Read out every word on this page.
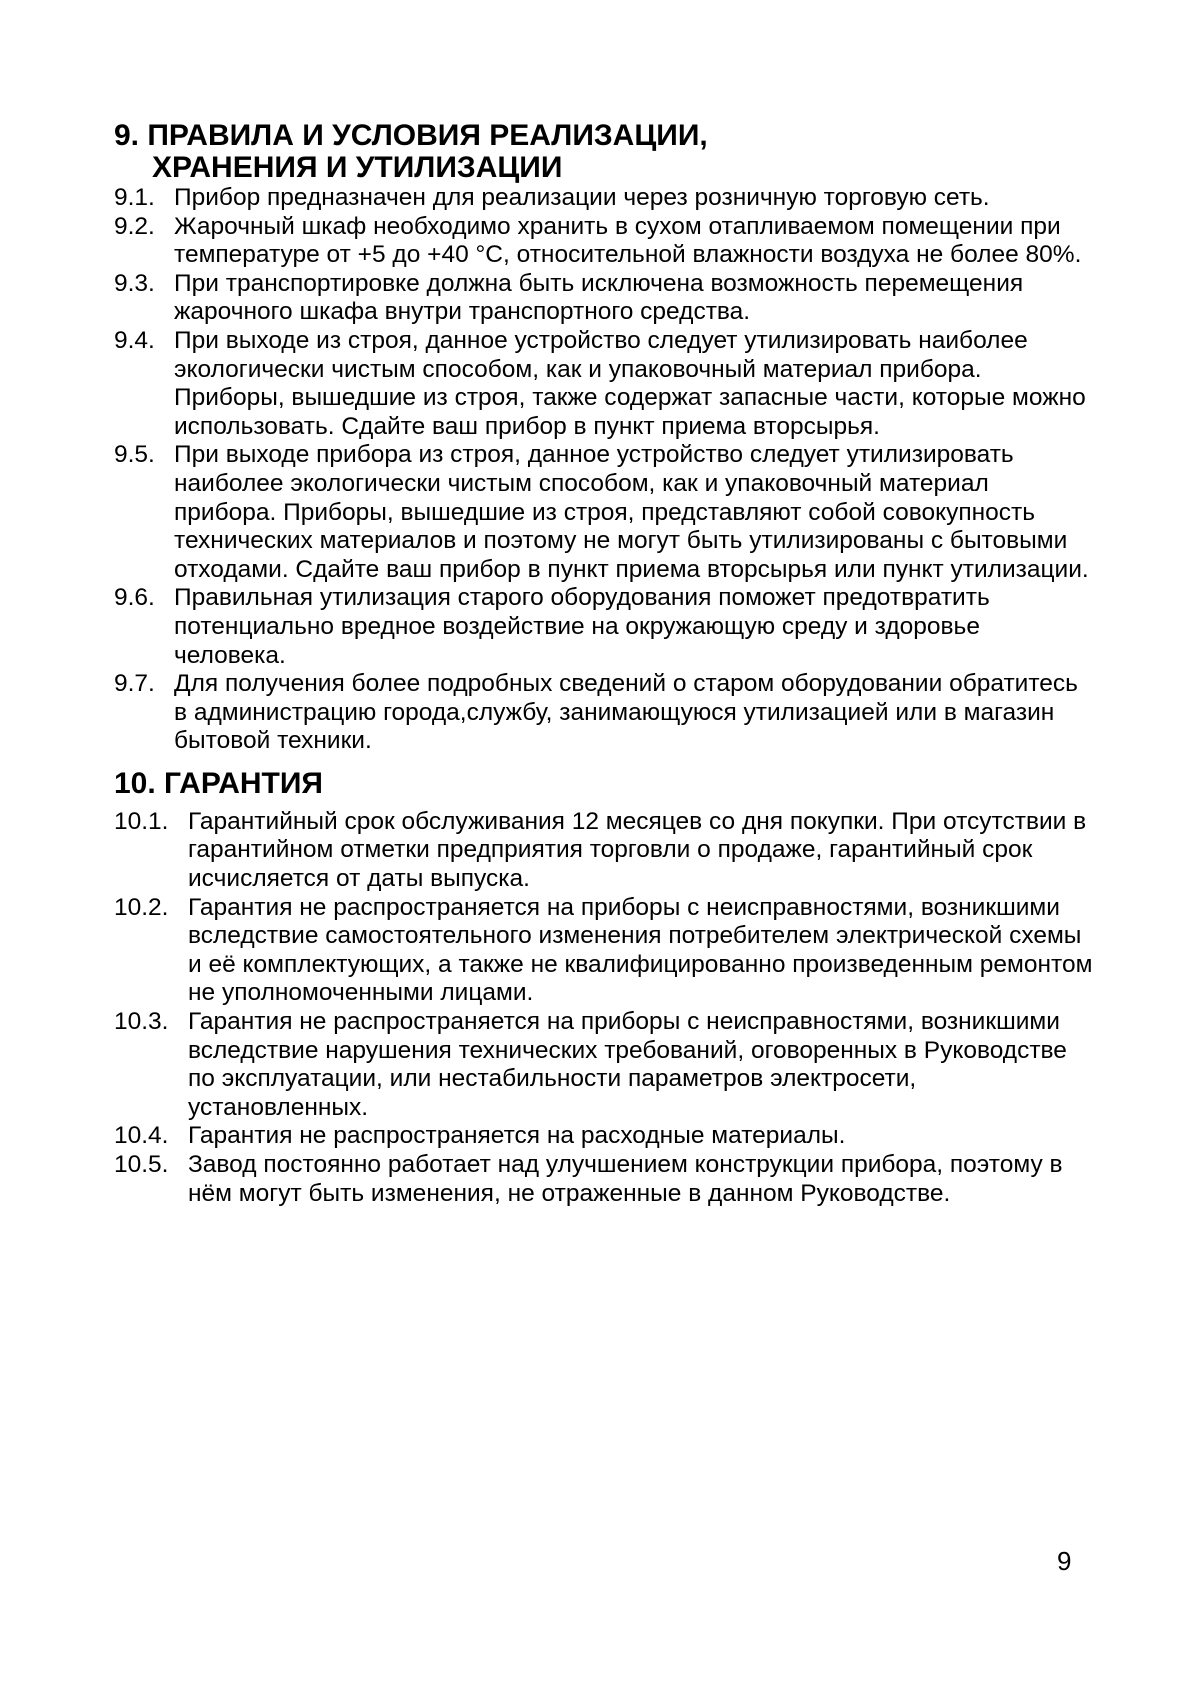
9. ПРАВИЛА И УСЛОВИЯ РЕАЛИЗАЦИИ,
ХРАНЕНИЯ И УТИЛИЗАЦИИ
9.1. Прибор предназначен для реализации через розничную торговую сеть.
9.2. Жарочный шкаф необходимо хранить в сухом отапливаемом помещении при температуре от +5 до +40 °С, относительной влажности воздуха не более 80%.
9.3. При транспортировке должна быть исключена возможность перемещения жарочного шкафа внутри транспортного средства.
9.4. При выходе из строя, данное устройство следует утилизировать наиболее экологически чистым способом, как и упаковочный материал прибора. Приборы, вышедшие из строя, также содержат запасные части, которые можно использовать. Сдайте ваш прибор в пункт приема вторсырья.
9.5. При выходе прибора из строя, данное устройство следует утилизировать наиболее экологически чистым способом, как и упаковочный материал прибора. Приборы, вышедшие из строя, представляют собой совокупность технических материалов и поэтому не могут быть утилизированы с бытовыми отходами. Сдайте ваш прибор в пункт приема вторсырья или пункт утилизации.
9.6. Правильная утилизация старого оборудования поможет предотвратить потенциально вредное воздействие на окружающую среду и здоровье человека.
9.7. Для получения более подробных сведений о старом оборудовании обратитесь в администрацию города,службу, занимающуюся утилизацией или в магазин бытовой техники.
10. ГАРАНТИЯ
10.1. Гарантийный срок обслуживания 12 месяцев со дня покупки. При отсутствии в гарантийном отметки предприятия торговли о продаже, гарантийный срок исчисляется от даты выпуска.
10.2. Гарантия не распространяется на приборы с неисправностями, возникшими вследствие самостоятельного изменения потребителем электрической схемы и её комплектующих, а также не квалифицированно произведенным ремонтом не уполномоченными лицами.
10.3. Гарантия не распространяется на приборы с неисправностями, возникшими вследствие нарушения технических требований, оговоренных в Руководстве по эксплуатации, или нестабильности параметров электросети, установленных.
10.4. Гарантия не распространяется на расходные материалы.
10.5. Завод постоянно работает над улучшением конструкции прибора, поэтому в нём могут быть изменения, не отраженные в данном Руководстве.
9
